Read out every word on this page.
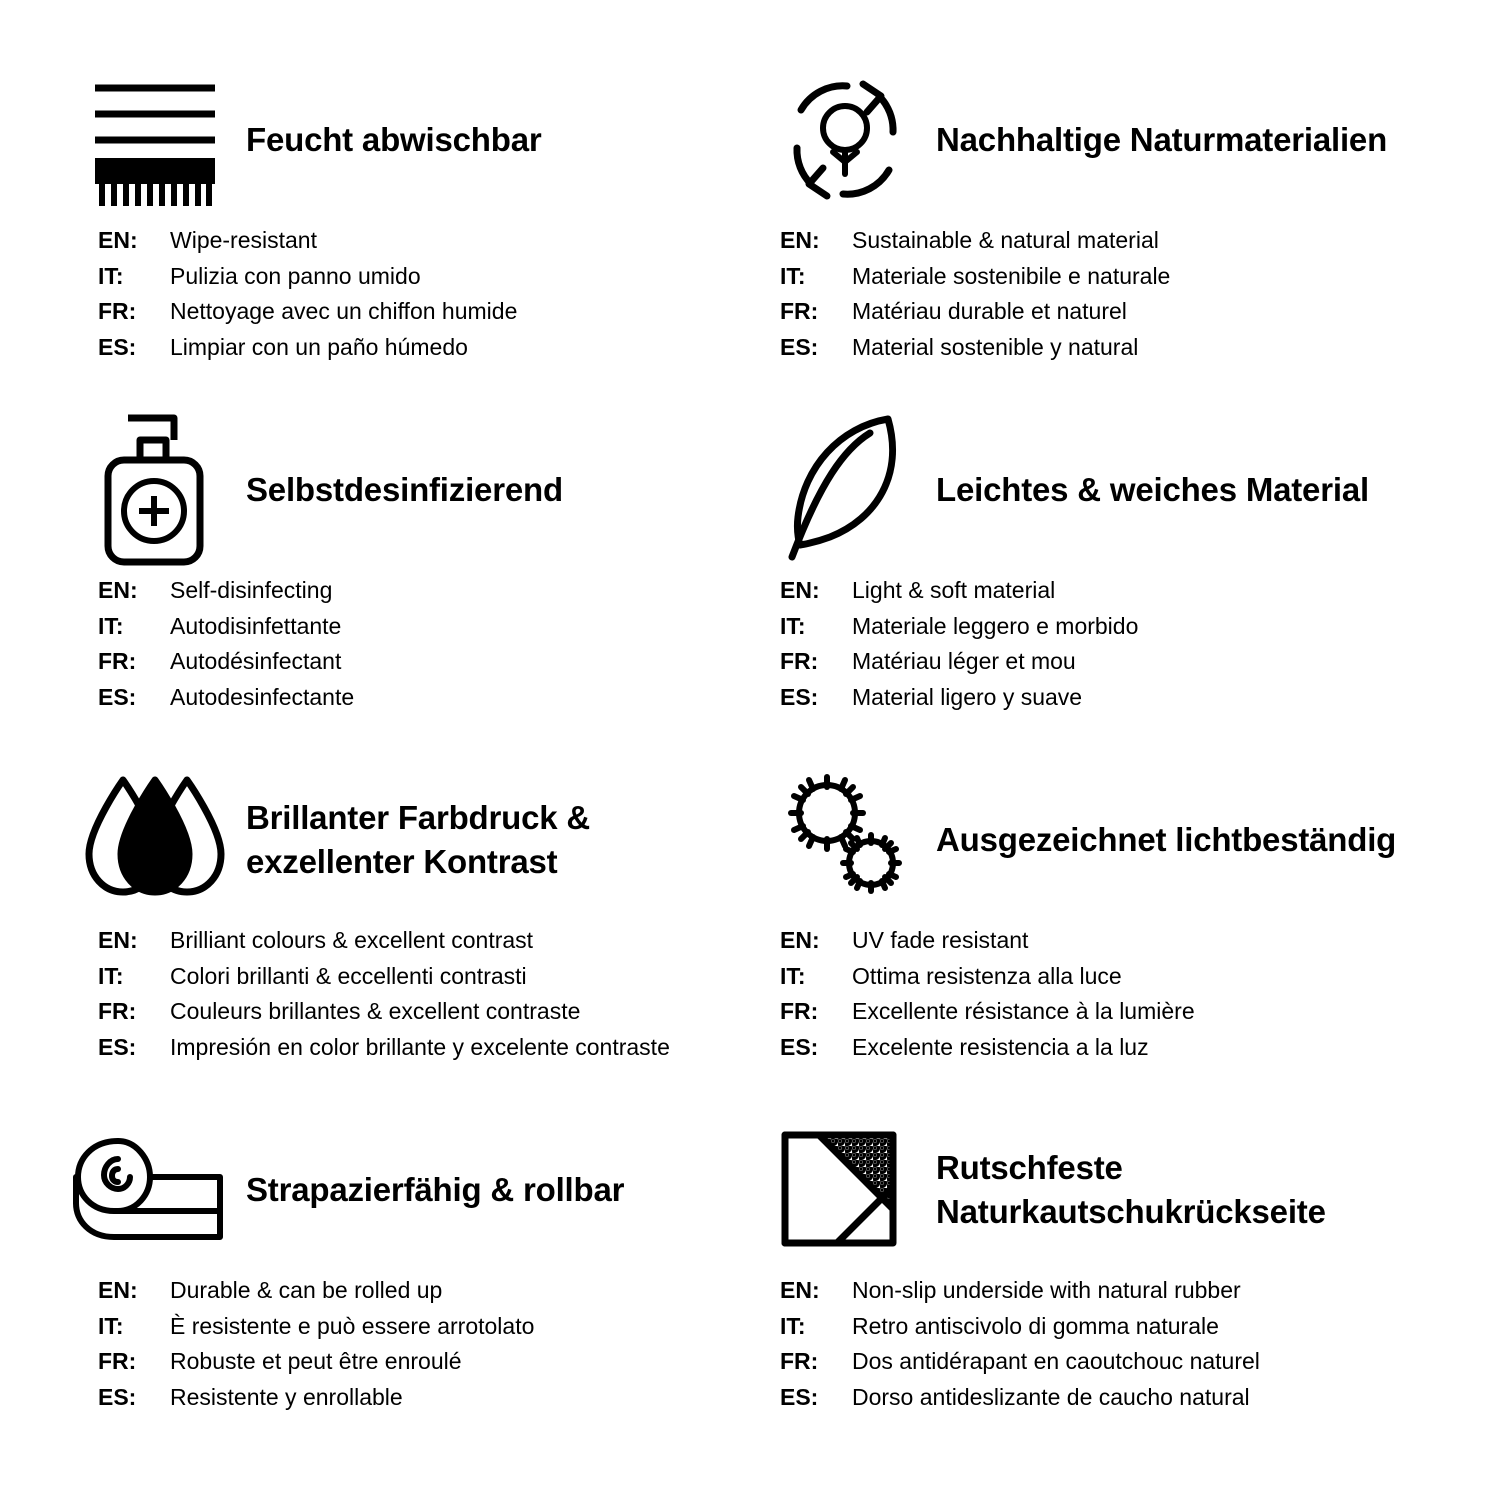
Feucht abwischbar
EN:	Wipe-resistant
IT:	Pulizia con panno umido
FR:	Nettoyage avec un chiffon humide
ES:	Limpiar con un paño húmedo
Nachhaltige Naturmaterialien
EN:	Sustainable & natural material
IT:	Materiale sostenibile e naturale
FR:	Matériau durable et naturel
ES:	Material sostenible y natural
Selbstdesinfizierend
EN:	Self-disinfecting
IT:	Autodisinfettante
FR:	Autodésinfectant
ES:	Autodesinfectante
Leichtes & weiches Material
EN:	Light & soft material
IT:	Materiale leggero e morbido
FR:	Matériau léger et mou
ES:	Material ligero y suave
Brillanter Farbdruck & exzellenter Kontrast
EN:	Brilliant colours & excellent contrast
IT:	Colori brillanti & eccellenti contrasti
FR:	Couleurs brillantes & excellent contraste
ES:	Impresión en color brillante y excelente contraste
Ausgezeichnet lichtbeständig
EN:	UV fade resistant
IT:	Ottima resistenza alla luce
FR:	Excellente résistance à la lumière
ES:	Excelente resistencia a la luz
Strapazierfähig & rollbar
EN:	Durable & can be rolled up
IT:	È resistente e può essere arrotolato
FR:	Robuste et peut être enroulé
ES:	Resistente y enrollable
Rutschfeste Naturkautschukrückseite
EN:	Non-slip underside with natural rubber
IT:	Retro antiscivolo di gomma naturale
FR:	Dos antidérapant en caoutchouc naturel
ES:	Dorso antideslizante de caucho natural
